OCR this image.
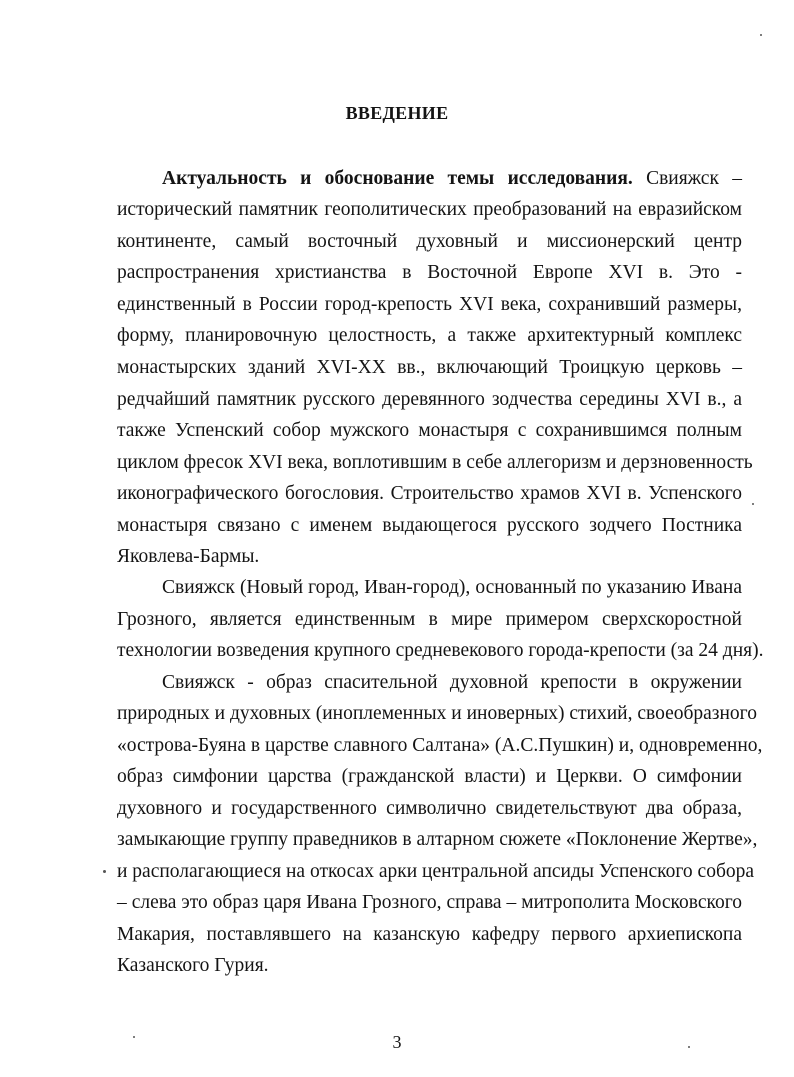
ВВЕДЕНИЕ
Актуальность и обоснование темы исследования. Свияжск –
исторический памятник геополитических преобразований на евразийском
континенте, самый восточный духовный и миссионерский центр
распространения христианства в Восточной Европе XVI в. Это -
единственный в России город-крепость XVI века, сохранивший размеры,
форму, планировочную целостность, а также архитектурный комплекс
монастырских зданий XVI-XX вв., включающий Троицкую церковь –
редчайший памятник русского деревянного зодчества середины XVI в., а
также Успенский собор мужского монастыря с сохранившимся полным
циклом фресок XVI века, воплотившим в себе аллегоризм и дерзновенность
иконографического богословия. Строительство храмов XVI в. Успенского
монастыря связано с именем выдающегося русского зодчего Постника
Яковлева-Бармы.
Свияжск (Новый город, Иван-город), основанный по указанию Ивана
Грозного, является единственным в мире примером сверхскоростной
технологии возведения крупного средневекового города-крепости (за 24 дня).
Свияжск - образ спасительной духовной крепости в окружении
природных и духовных (иноплеменных и иноверных) стихий, своеобразного
«острова-Буяна в царстве славного Салтана» (А.С.Пушкин) и, одновременно,
образ симфонии царства (гражданской власти) и Церкви. О симфонии
духовного и государственного символично свидетельствуют два образа,
замыкающие группу праведников в алтарном сюжете «Поклонение Жертве»,
и располагающиеся на откосах арки центральной апсиды Успенского собора
– слева это образ царя Ивана Грозного, справа – митрополита Московского
Макария, поставлявшего на казанскую кафедру первого архиепископа
Казанского Гурия.
3
